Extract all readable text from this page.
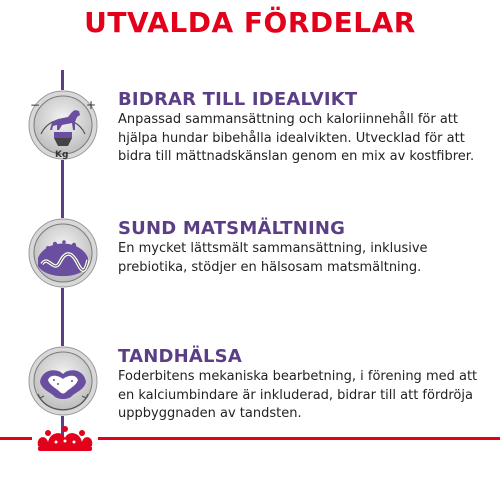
UTVALDA FÖRDELAR
−	+
Kg
BIDRAR TILL IDEALVIKT
Anpassad sammansättning och kaloriinnehåll för att hjälpa hundar bibehålla idealvikten. Utvecklad för att bidra till mättnadskänslan genom en mix av kostfibrer.
SUND MATSMÄLTNING
En mycket lättsmält sammansättning, inklusive prebiotika, stödjer en hälsosam matsmältning.
TANDHÄLSA
Foderbitens mekaniska bearbetning, i förening med att en kalciumbindare är inkluderad, bidrar till att fördröja uppbyggnaden av tandsten.
